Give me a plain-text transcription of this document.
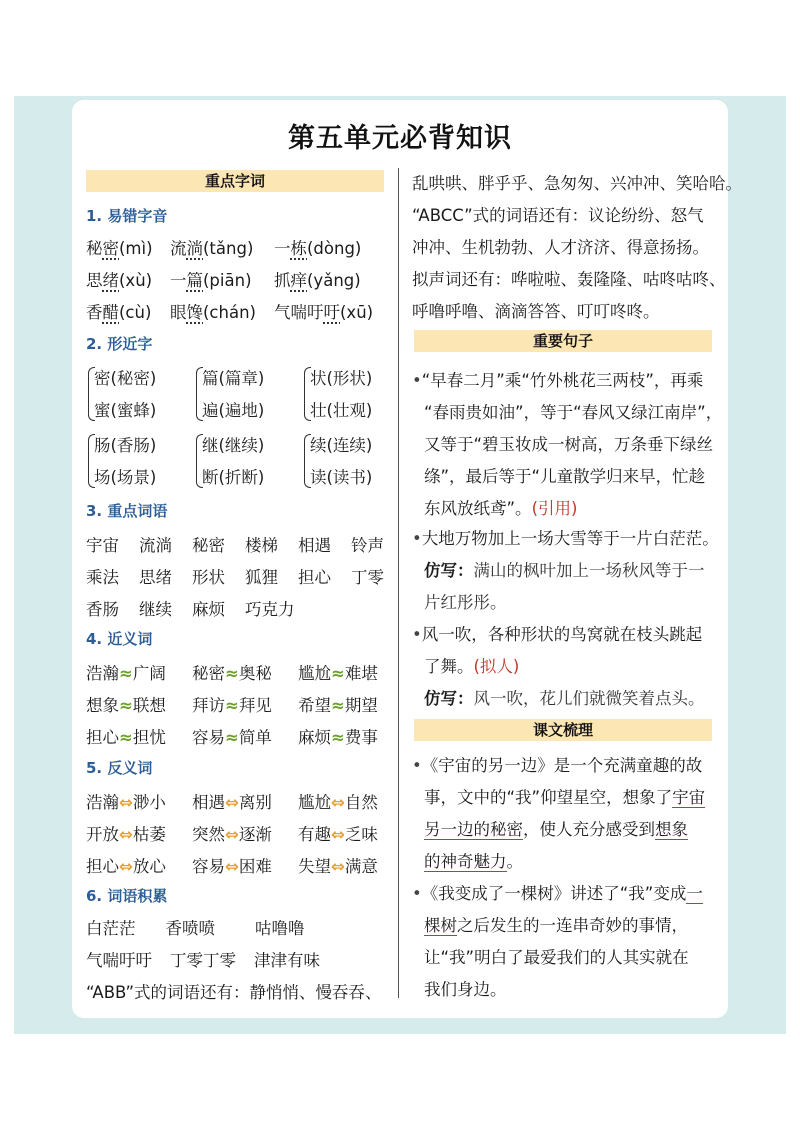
第五单元必背知识
重点字词
1. 易错字音
2. 形近字
3. 重点词语
4. 近义词
5. 反义词
6. 词语积累
白茫茫 香喷喷 咕噜噜
气喘吁吁 丁零丁零 津津有味
“ABB”式的词语还有：静悄悄、慢吞吞、
重要句子
•大地万物加上一场大雪等于一片白茫茫。
仿写：满山的枫叶加上一场秋风等于一
片红彤彤。
•风一吹，各种形状的鸟窝就在枝头跳起
了舞。(拟人)
仿写：风一吹，花儿们就微笑着点头。
课文梳理
•《宇宙的另一边》是一个充满童趣的故
事，文中的“我”仰望星空，想象了宇宙
另一边的秘密，使人充分感受到想象
的神奇魅力。
•《我变成了一棵树》讲述了“我”变成一
棵树之后发生的一连串奇妙的事情，
让“我”明白了最爱我们的人其实就在
我们身边。
秘密(mì) 流淌(tǎng) 一栋(dòng)
思绪(xù) 一篇(piān) 抓痒(yǎng)
香醋(cù) 眼馋(chán) 气喘吁吁(xū)
密(秘密)
蜜(蜜蜂)
篇(篇章)
遍(遍地)
状(形状)
壮(壮观)
肠(香肠)
场(场景)
继(继续)
断(折断)
续(连续)
读(读书)
宇宙 流淌 秘密 楼梯 相遇 铃声
乘法 思绪 形状 狐狸 担心 丁零
香肠 继续 麻烦 巧克力
浩瀚≈广阔 秘密≈奥秘 尴尬≈难堪
想象≈联想 拜访≈拜见 希望≈期望
担心≈担忧 容易≈简单 麻烦≈费事
浩瀚⇔渺小 相遇⇔离别 尴尬⇔自然
开放⇔枯萎 突然⇔逐渐 有趣⇔乏味
担心⇔放心 容易⇔困难 失望⇔满意
乱哄哄、胖乎乎、急匆匆、兴冲冲、笑哈哈。
“ABCC”式的词语还有：议论纷纷、怒气
冲冲、生机勃勃、人才济济、得意扬扬。
拟声词还有：哗啦啦、轰隆隆、咕咚咕咚、
呼噜呼噜、滴滴答答、叮叮咚咚。
•“早春二月”乘“竹外桃花三两枝”，再乘
“春雨贵如油”，等于“春风又绿江南岸”，
又等于“碧玉妆成一树高，万条垂下绿丝
绦”，最后等于“儿童散学归来早，忙趁
东风放纸鸢”。(引用)
